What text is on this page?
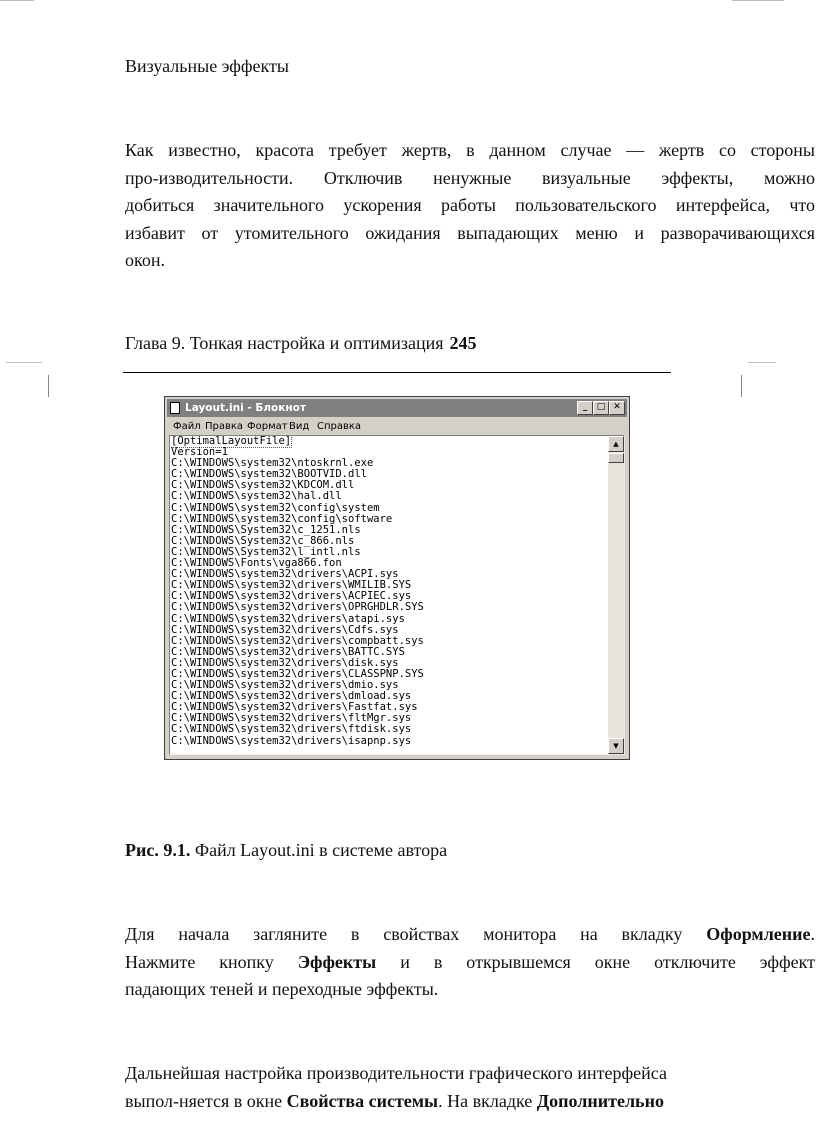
Визуальные эффекты
Как известно, красота требует жертв, в данном случае — жертв со стороны
про-изводительности. Отключив ненужные визуальные эффекты, можно
добиться значительного ускорения работы пользовательского интерфейса, что
избавит от утомительного ожидания выпадающих меню и разворачивающихся
окон.
Глава 9. Тонкая настройка и оптимизация 245
Layout.ini - Блокнот	_	□ ✕
Файл Правка Формат Вид Справка
[OptimalLayoutFile]
Version=1
C:\WINDOWS\system32\ntoskrnl.exe
C:\WINDOWS\system32\BOOTVID.dll
C:\WINDOWS\system32\KDCOM.dll
C:\WINDOWS\system32\hal.dll
C:\WINDOWS\system32\config\system
C:\WINDOWS\system32\config\software
C:\WINDOWS\System32\c_1251.nls
C:\WINDOWS\System32\c_866.nls
C:\WINDOWS\System32\l_intl.nls
C:\WINDOWS\Fonts\vga866.fon
C:\WINDOWS\system32\drivers\ACPI.sys
C:\WINDOWS\system32\drivers\WMILIB.SYS
C:\WINDOWS\system32\drivers\ACPIEC.sys
C:\WINDOWS\system32\drivers\OPRGHDLR.SYS
C:\WINDOWS\system32\drivers\atapi.sys
C:\WINDOWS\system32\drivers\Cdfs.sys
C:\WINDOWS\system32\drivers\compbatt.sys
C:\WINDOWS\system32\drivers\BATTC.SYS
C:\WINDOWS\system32\drivers\disk.sys
C:\WINDOWS\system32\drivers\CLASSPNP.SYS
C:\WINDOWS\system32\drivers\dmio.sys
C:\WINDOWS\system32\drivers\dmload.sys
C:\WINDOWS\system32\drivers\Fastfat.sys
C:\WINDOWS\system32\drivers\fltMgr.sys
C:\WINDOWS\system32\drivers\ftdisk.sys
C:\WINDOWS\system32\drivers\isapnp.sys
▲
▼
Рис. 9.1. Файл Layout.ini в системе автора
Для начала загляните в свойствах монитора на вкладку Оформление.
Нажмите кнопку Эффекты и в открывшемся окне отключите эффект
падающих теней и переходные эффекты.
Дальнейшая настройка производительности графического интерфейса
выпол-няется в окне Свойства системы. На вкладке Дополнительно
